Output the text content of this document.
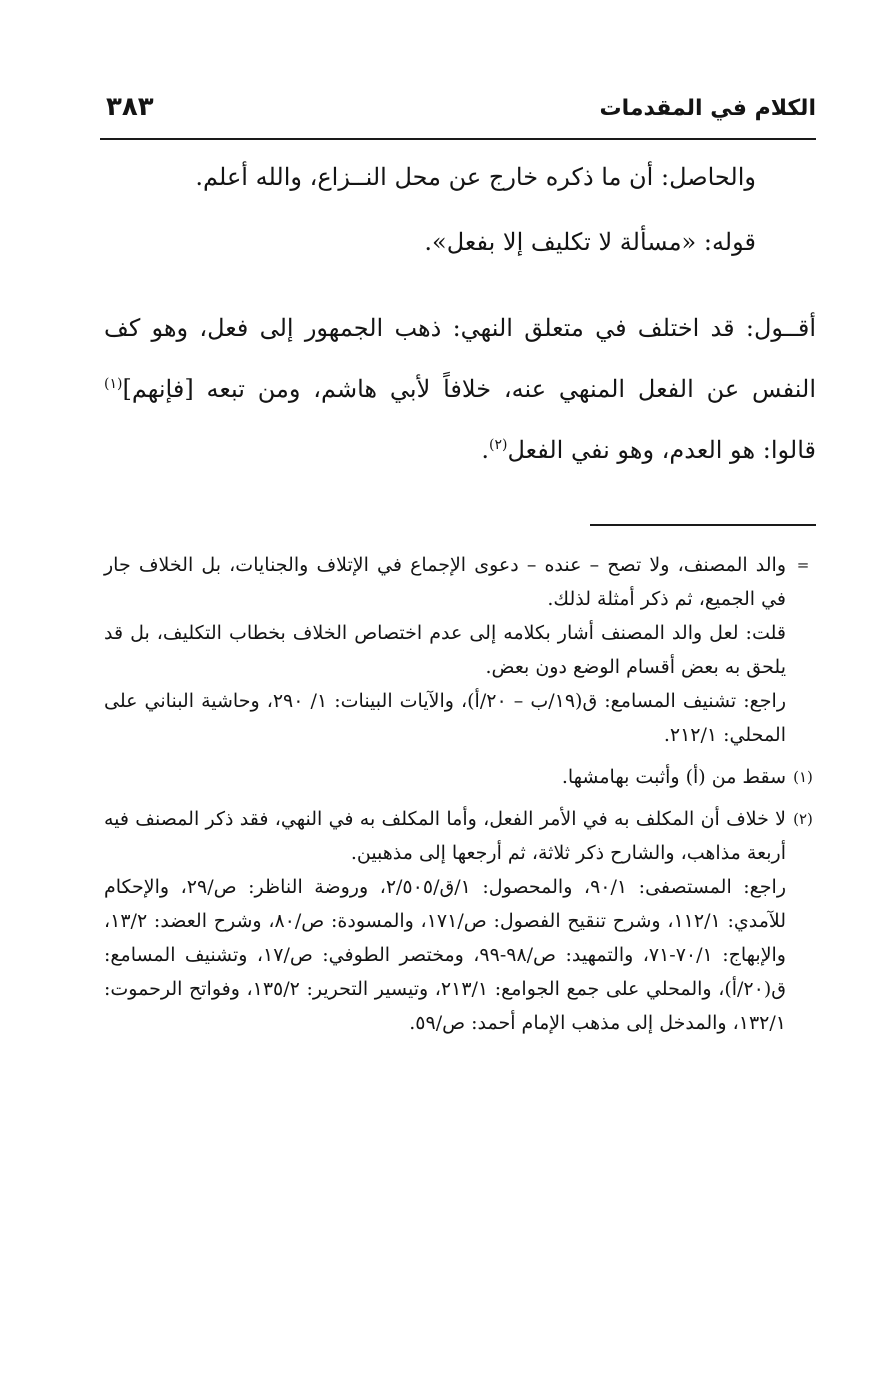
الكلام في المقدمات
٣٨٣

والحاصل: أن ما ذكره خارج عن محل النــزاع، والله أعلم.

قوله: «مسألة لا تكليف إلا بفعل».

أقــول: قد اختلف في متعلق النهي: ذهب الجمهور إلى فعل، وهو كف النفس عن الفعل المنهي عنه، خلافاً لأبي هاشم، ومن تبعه [فإنهم]$^{(١)}$ قالوا: هو العدم، وهو نفي الفعل$^{(٢)}$.

=
والد المصنف، ولا تصح – عنده – دعوى الإجماع في الإتلاف والجنايات، بل الخلاف جار في الجميع، ثم ذكر أمثلة لذلك.
قلت: لعل والد المصنف أشار بكلامه إلى عدم اختصاص الخلاف بخطاب التكليف، بل قد يلحق به بعض أقسام الوضع دون بعض.
راجع: تشنيف المسامع: ق(١٩/ب – ٢٠/أ)، والآيات البينات: ١/ ٢٩٠، وحاشية البناني على المحلي: ٢١٢/١.
(١)
سقط من (أ) وأثبت بهامشها.
(٢)
لا خلاف أن المكلف به في الأمر الفعل، وأما المكلف به في النهي، فقد ذكر المصنف فيه أربعة مذاهب، والشارح ذكر ثلاثة، ثم أرجعها إلى مذهبين.
راجع: المستصفى: ٩٠/١، والمحصول: ١/ق/٢/٥٠٥، وروضة الناظر: ص/٢٩، والإحكام للآمدي: ١١٢/١، وشرح تنقيح الفصول: ص/١٧١، والمسودة: ص/٨٠، وشرح العضد: ١٣/٢، والإبهاج: ٧٠/١-٧١، والتمهيد: ص/٩٨-٩٩، ومختصر الطوفي: ص/١٧، وتشنيف المسامع: ق(٢٠/أ)، والمحلي على جمع الجوامع: ٢١٣/١، وتيسير التحرير: ١٣٥/٢، وفواتح الرحموت: ١٣٢/١، والمدخل إلى مذهب الإمام أحمد: ص/٥٩.
